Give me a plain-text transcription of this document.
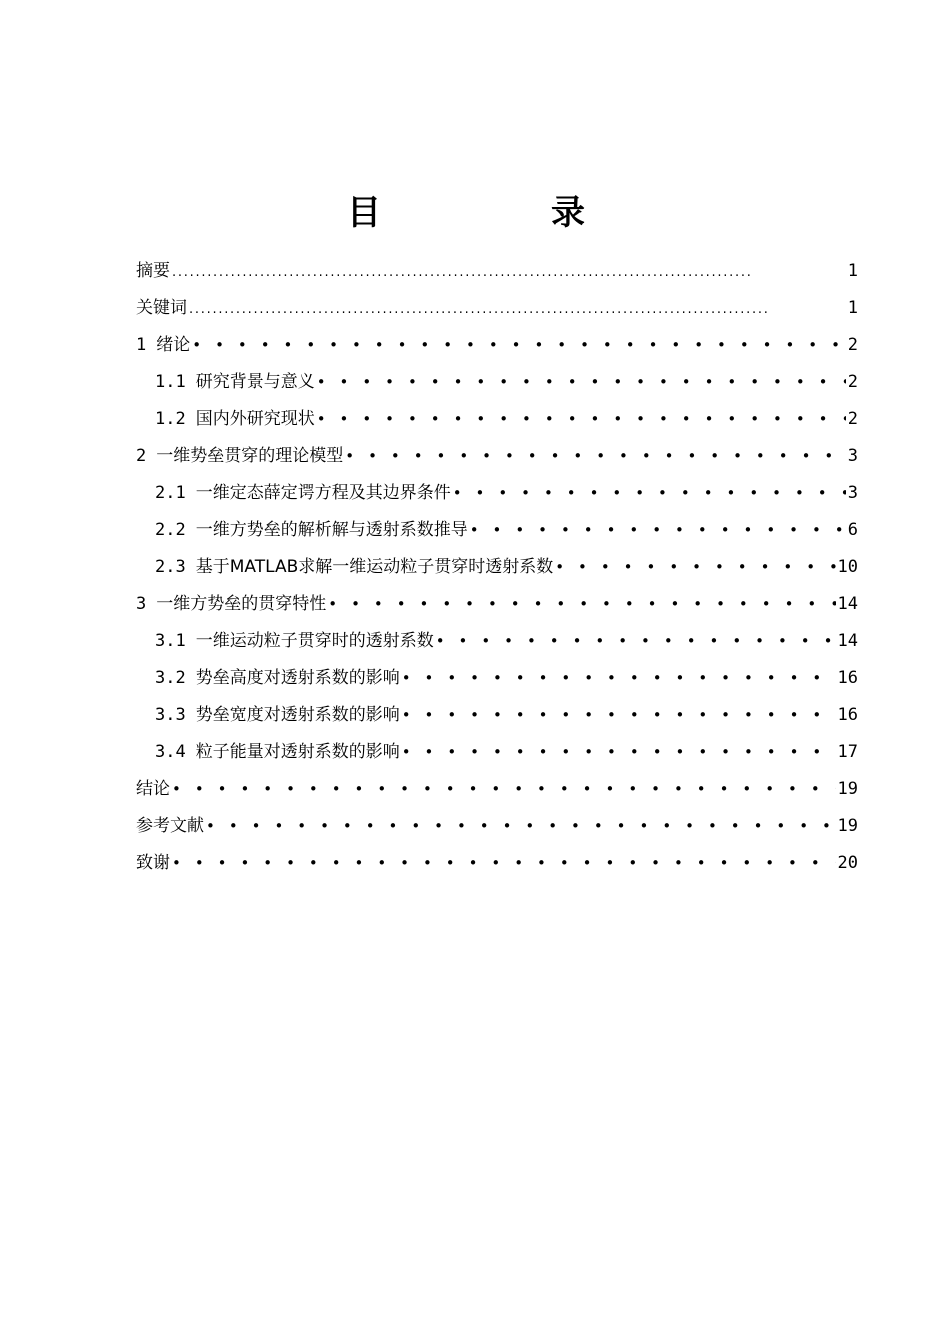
目　录
摘要 . . .	1
关键词 . . .	1
1 绪论 • • •	2
1.1 研究背景与意义 • • •	2
1.2 国内外研究现状 • • •	2
2 一维势垒贯穿的理论模型 • • •	3
2.1 一维定态薛定谔方程及其边界条件 • • •	3
2.2 一维方势垒的解析解与透射系数推导 • • •	6
2.3 基于MATLAB求解一维运动粒子贯穿时透射系数 • • •	10
3 一维方势垒的贯穿特性 • • •	14
3.1 一维运动粒子贯穿时的透射系数 • • •	14
3.2 势垒高度对透射系数的影响 • • •	16
3.3 势垒宽度对透射系数的影响 • • •	16
3.4 粒子能量对透射系数的影响 • • •	17
结论 • • •	19
参考文献 • • •	19
致谢 • • •	20
